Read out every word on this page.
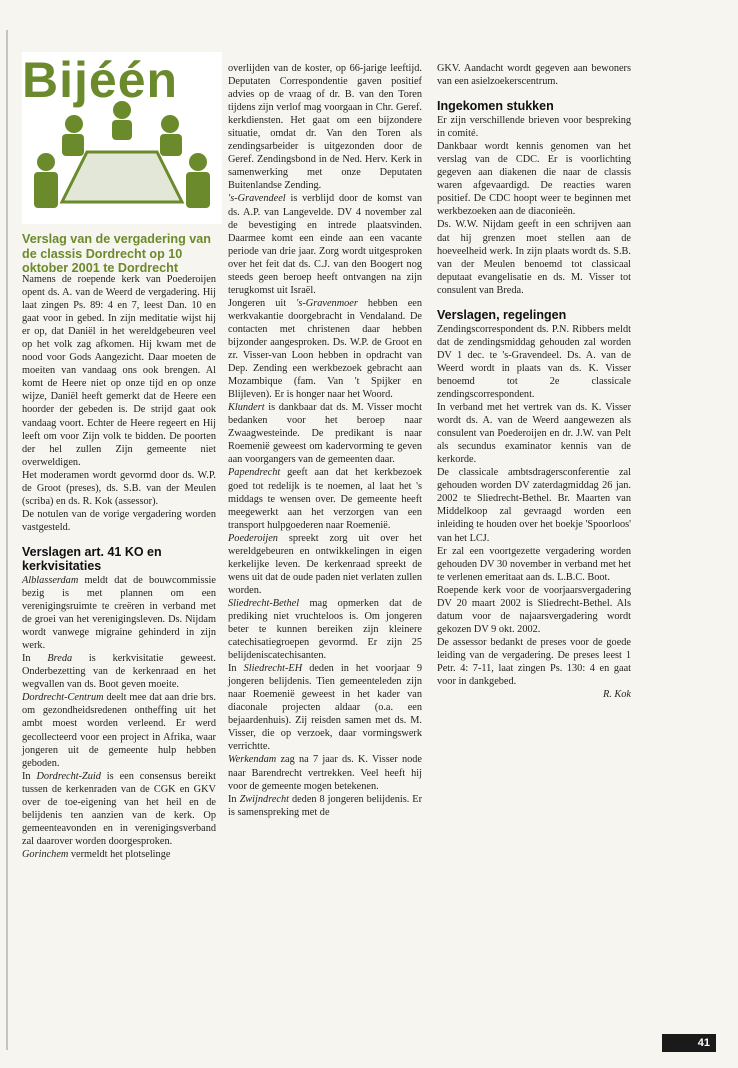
Bijéén
Verslag van de vergadering van de classis Dordrecht op 10 oktober 2001 te Dordrecht

Namens de roepende kerk van Poederoijen opent ds. A. van de Weerd de vergadering. Hij laat zingen Ps. 89: 4 en 7, leest Dan. 10 en gaat voor in gebed. In zijn meditatie wijst hij er op, dat Daniël in het wereldgebeuren veel op het volk zag afkomen. Hij kwam met de nood voor Gods Aangezicht. Daar moeten de moeiten van vandaag ons ook brengen. Al komt de Heere niet op onze tijd en op onze wijze, Daniël heeft gemerkt dat de Heere een hoorder der gebeden is. De strijd gaat ook vandaag voort. Echter de Heere regeert en Hij leeft om voor Zijn volk te bidden. De poorten der hel zullen Zijn gemeente niet overweldigen.

Het moderamen wordt gevormd door ds. W.P. de Groot (preses), ds. S.B. van der Meulen (scriba) en ds. R. Kok (assessor).

De notulen van de vorige vergadering worden vastgesteld.

Verslagen art. 41 KO en kerkvisitaties

Alblasserdam meldt dat de bouwcommissie bezig is met plannen om een verenigingsruimte te creëren in verband met de groei van het verenigingsleven. Ds. Nijdam wordt vanwege migraine gehinderd in zijn werk.

In Breda is kerkvisitatie geweest. Onderbezetting van de kerkenraad en het wegvallen van ds. Boot geven moeite.

Dordrecht-Centrum deelt mee dat aan drie brs. om gezondheidsredenen ontheffing uit het ambt moest worden verleend. Er werd gecollecteerd voor een project in Afrika, waar jongeren uit de gemeente hulp hebben geboden.

In Dordrecht-Zuid is een consensus bereikt tussen de kerkenraden van de CGK en GKV over de toe-eigening van het heil en de belijdenis ten aanzien van de kerk. Op gemeenteavonden en in verenigingsverband zal daarover worden doorgesproken.

Gorinchem vermeldt het plotselinge

overlijden van de koster, op 66-jarige leeftijd. Deputaten Correspondentie gaven positief advies op de vraag of dr. B. van den Toren tijdens zijn verlof mag voorgaan in Chr. Geref. kerkdiensten. Het gaat om een bijzondere situatie, omdat dr. Van den Toren als zendingsarbeider is uitgezonden door de Geref. Zendingsbond in de Ned. Herv. Kerk in samenwerking met onze Deputaten Buitenlandse Zending.

's-Gravendeel is verblijd door de komst van ds. A.P. van Langevelde. DV 4 november zal de bevestiging en intrede plaatsvinden. Daarmee komt een einde aan een vacante periode van drie jaar. Zorg wordt uitgesproken over het feit dat ds. C.J. van den Boogert nog steeds geen beroep heeft ontvangen na zijn terugkomst uit Israël.

Jongeren uit 's-Gravenmoer hebben een werkvakantie doorgebracht in Vendaland. De contacten met christenen daar hebben bijzonder aangesproken. Ds. W.P. de Groot en zr. Visser-van Loon hebben in opdracht van Dep. Zending een werkbezoek gebracht aan Mozambique (fam. Van 't Spijker en Blijleven). Er is honger naar het Woord.

Klundert is dankbaar dat ds. M. Visser mocht bedanken voor het beroep naar Zwaagwesteinde. De predikant is naar Roemenië geweest om kadervorming te geven aan voorgangers van de gemeenten daar.

Papendrecht geeft aan dat het kerkbezoek goed tot redelijk is te noemen, al laat het 's middags te wensen over. De gemeente heeft meegewerkt aan het verzorgen van een transport hulpgoederen naar Roemenië.

Poederoijen spreekt zorg uit over het wereldgebeuren en ontwikkelingen in eigen kerkelijke leven. De kerkenraad spreekt de wens uit dat de oude paden niet verlaten zullen worden.

Sliedrecht-Bethel mag opmerken dat de prediking niet vruchteloos is. Om jongeren beter te kunnen bereiken zijn kleinere catechisatiegroepen gevormd. Er zijn 25 belijdeniscatechisanten.

In Sliedrecht-EH deden in het voorjaar 9 jongeren belijdenis. Tien gemeenteleden zijn naar Roemenië geweest in het kader van diaconale projecten aldaar (o.a. een bejaardenhuis). Zij reisden samen met ds. M. Visser, die op verzoek, daar vormingswerk verrichtte.

Werkendam zag na 7 jaar ds. K. Visser node naar Barendrecht vertrekken. Veel heeft hij voor de gemeente mogen betekenen.

In Zwijndrecht deden 8 jongeren belijdenis. Er is samenspreking met de

GKV. Aandacht wordt gegeven aan bewoners van een asielzoekerscentrum.

Ingekomen stukken

Er zijn verschillende brieven voor bespreking in comité.

Dankbaar wordt kennis genomen van het verslag van de CDC. Er is voorlichting gegeven aan diakenen die naar de classis waren afgevaardigd. De reacties waren positief. De CDC hoopt weer te beginnen met werkbezoeken aan de diaconieën.

Ds. W.W. Nijdam geeft in een schrijven aan dat hij grenzen moet stellen aan de hoeveelheid werk. In zijn plaats wordt ds. S.B. van der Meulen benoemd tot classicaal deputaat evangelisatie en ds. M. Visser tot consulent van Breda.

Verslagen, regelingen

Zendingscorrespondent ds. P.N. Ribbers meldt dat de zendingsmiddag gehouden zal worden DV 1 dec. te 's-Gravendeel. Ds. A. van de Weerd wordt in plaats van ds. K. Visser benoemd tot 2e classicale zendingscorrespondent.

In verband met het vertrek van ds. K. Visser wordt ds. A. van de Weerd aangewezen als consulent van Poederoijen en dr. J.W. van Pelt als secundus examinator kennis van de kerkorde.

De classicale ambtsdragersconferentie zal gehouden worden DV zaterdagmiddag 26 jan. 2002 te Sliedrecht-Bethel. Br. Maarten van Middelkoop zal gevraagd worden een inleiding te houden over het boekje 'Spoorloos' van het LCJ.

Er zal een voortgezette vergadering worden gehouden DV 30 november in verband met het te verlenen emeritaat aan ds. L.B.C. Boot.

Roepende kerk voor de voorjaarsvergadering DV 20 maart 2002 is Sliedrecht-Bethel. Als datum voor de najaarsvergadering wordt gekozen DV 9 okt. 2002.

De assessor bedankt de preses voor de goede leiding van de vergadering. De preses leest 1 Petr. 4: 7-11, laat zingen Ps. 130: 4 en gaat voor in dankgebed.

R. Kok

41
